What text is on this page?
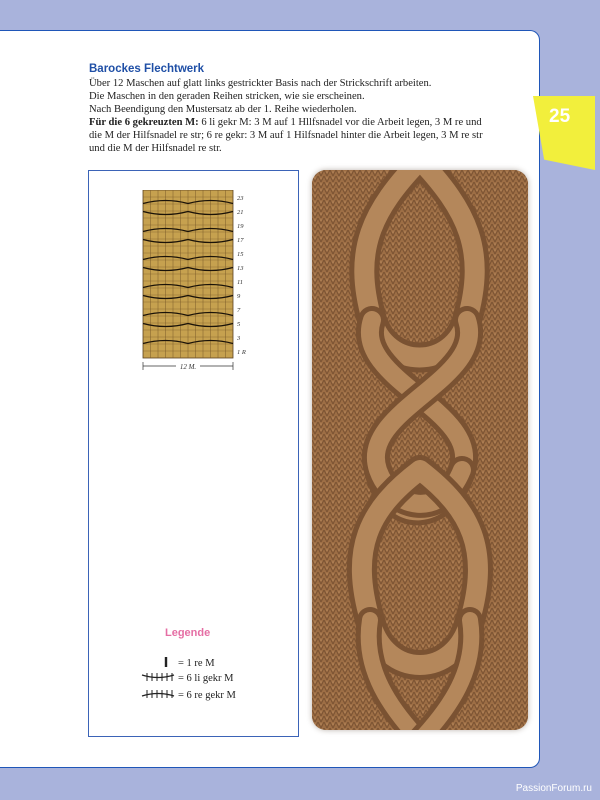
25
Barockes Flechtwerk

Über 12 Maschen auf glatt links gestrickter Basis nach der Strickschrift arbeiten.

Die Maschen in den geraden Reihen stricken, wie sie erscheinen.

Nach Beendigung den Mustersatz ab der 1. Reihe wiederholen.

Für die 6 gekreuzten M: 6 li gekr M: 3 M auf 1 Hllfsnadel vor die Arbeit legen, 3 M re und die M der Hilfsnadel re str; 6 re gekr: 3 M auf 1 Hilfsnadel hinter die Arbeit legen, 3 M re str und die M der Hilfsnadel re str.

23
21
19
17
15
13
11
9
7
5
3
1 R
12 M.
Legende
= 1 re M
= 6 li gekr M
= 6 re gekr M
PassionForum.ru
